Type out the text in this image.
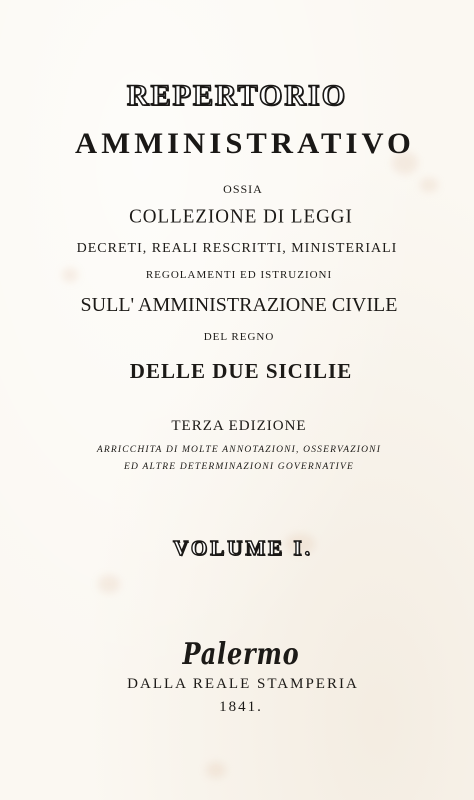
REPERTORIO

AMMINISTRATIVO

OSSIA

COLLEZIONE DI LEGGI

DECRETI, REALI RESCRITTI, MINISTERIALI

REGOLAMENTI ED ISTRUZIONI

SULL' AMMINISTRAZIONE CIVILE

DEL REGNO

DELLE DUE SICILIE

TERZA EDIZIONE

ARRICCHITA DI MOLTE ANNOTAZIONI, OSSERVAZIONI

ED ALTRE DETERMINAZIONI GOVERNATIVE

VOLUME I.

Palermo

DALLA REALE STAMPERIA

1841.
